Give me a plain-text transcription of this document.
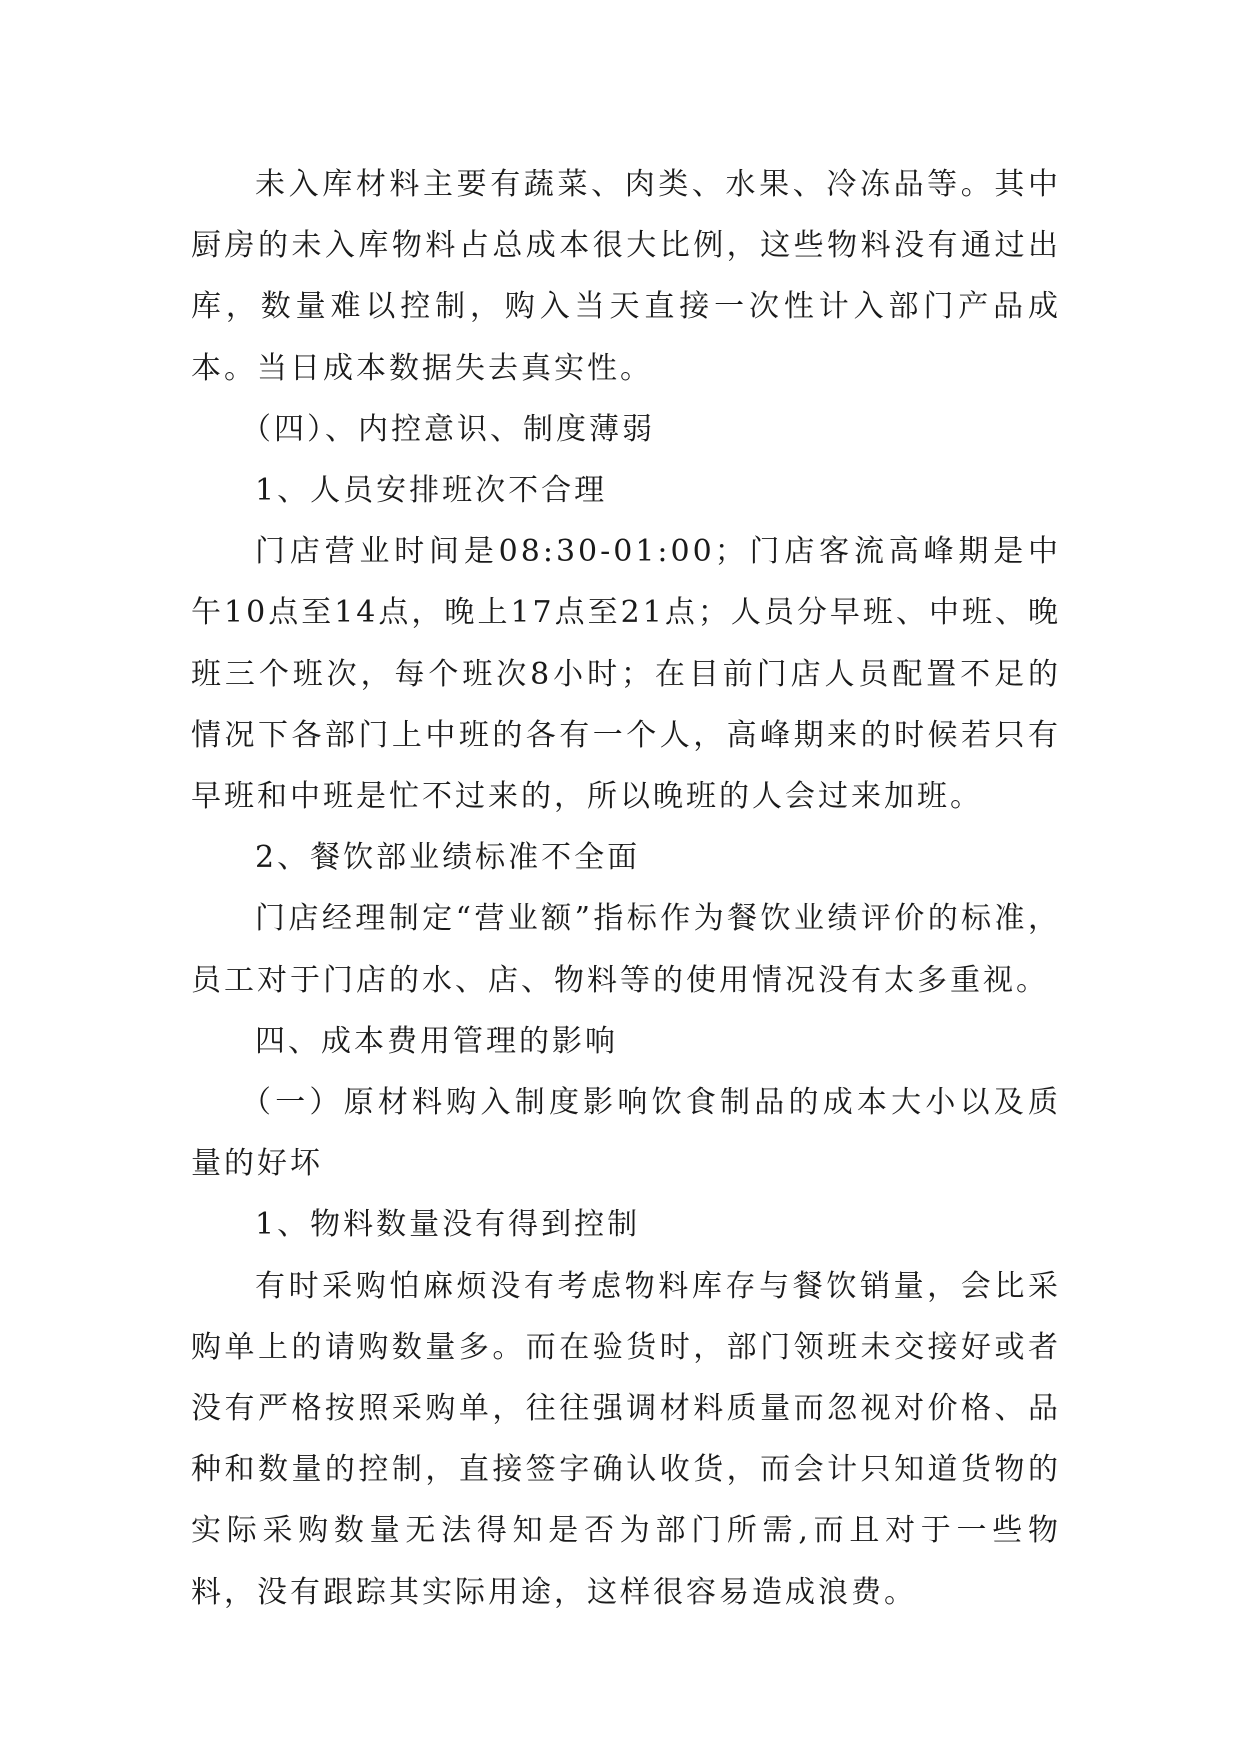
未入库材料主要有蔬菜、肉类、水果、冷冻品等。其中厨房的未入库物料占总成本很大比例，这些物料没有通过出库，数量难以控制，购入当天直接一次性计入部门产品成本。当日成本数据失去真实性。

（四）、内控意识、制度薄弱

1、人员安排班次不合理

门店营业时间是08:30-01:00；门店客流高峰期是中午10点至14点，晚上17点至21点；人员分早班、中班、晚班三个班次，每个班次8小时；在目前门店人员配置不足的情况下各部门上中班的各有一个人，高峰期来的时候若只有早班和中班是忙不过来的，所以晚班的人会过来加班。

2、餐饮部业绩标准不全面

门店经理制定“营业额”指标作为餐饮业绩评价的标准，员工对于门店的水、店、物料等的使用情况没有太多重视。

四、成本费用管理的影响

（一）原材料购入制度影响饮食制品的成本大小以及质量的好坏

1、物料数量没有得到控制

有时采购怕麻烦没有考虑物料库存与餐饮销量，会比采购单上的请购数量多。而在验货时，部门领班未交接好或者没有严格按照采购单，往往强调材料质量而忽视对价格、品种和数量的控制，直接签字确认收货，而会计只知道货物的实际采购数量无法得知是否为部门所需,而且对于一些物料，没有跟踪其实际用途，这样很容易造成浪费。
